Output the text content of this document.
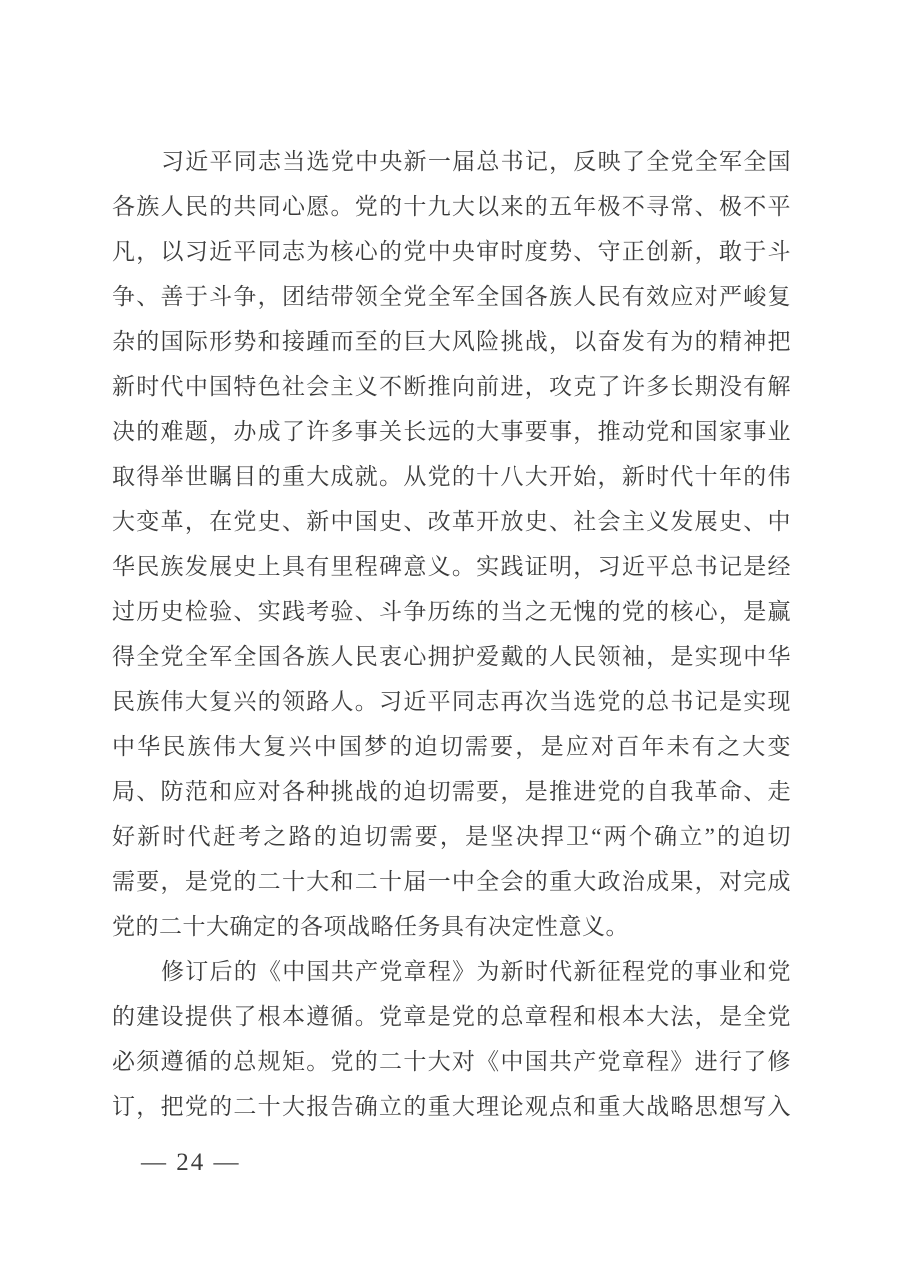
习近平同志当选党中央新一届总书记，反映了全党全军全国
各族人民的共同心愿。党的十九大以来的五年极不寻常、极不平
凡，以习近平同志为核心的党中央审时度势、守正创新，敢于斗
争、善于斗争，团结带领全党全军全国各族人民有效应对严峻复
杂的国际形势和接踵而至的巨大风险挑战，以奋发有为的精神把
新时代中国特色社会主义不断推向前进，攻克了许多长期没有解
决的难题，办成了许多事关长远的大事要事，推动党和国家事业
取得举世瞩目的重大成就。从党的十八大开始，新时代十年的伟
大变革，在党史、新中国史、改革开放史、社会主义发展史、中
华民族发展史上具有里程碑意义。实践证明，习近平总书记是经
过历史检验、实践考验、斗争历练的当之无愧的党的核心，是赢
得全党全军全国各族人民衷心拥护爱戴的人民领袖，是实现中华
民族伟大复兴的领路人。习近平同志再次当选党的总书记是实现
中华民族伟大复兴中国梦的迫切需要，是应对百年未有之大变
局、防范和应对各种挑战的迫切需要，是推进党的自我革命、走
好新时代赶考之路的迫切需要，是坚决捍卫“两个确立”的迫切
需要，是党的二十大和二十届一中全会的重大政治成果，对完成
党的二十大确定的各项战略任务具有决定性意义。
修订后的《中国共产党章程》为新时代新征程党的事业和党
的建设提供了根本遵循。党章是党的总章程和根本大法，是全党
必须遵循的总规矩。党的二十大对《中国共产党章程》进行了修
订，把党的二十大报告确立的重大理论观点和重大战略思想写入
— 24 —
